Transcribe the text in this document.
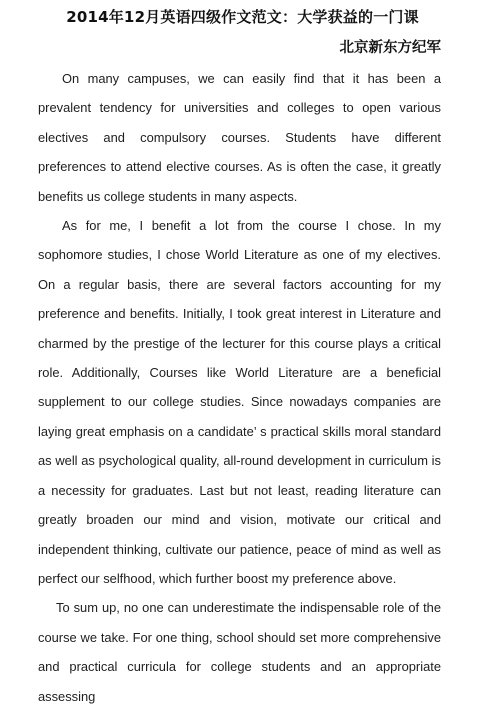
2014年12月英语四级作文范文：大学获益的一门课
北京新东方纪军

On many campuses, we can easily find that it has been a prevalent tendency for universities and colleges to open various electives and compulsory courses. Students have different preferences to attend elective courses. As is often the case, it greatly benefits us college students in many aspects.

As for me, I benefit a lot from the course I chose. In my sophomore studies, I chose World Literature as one of my electives. On a regular basis, there are several factors accounting for my preference and benefits. Initially, I took great interest in Literature and charmed by the prestige of the lecturer for this course plays a critical role. Additionally, Courses like World Literature are a beneficial supplement to our college studies. Since nowadays companies are laying great emphasis on a candidate’ s practical skills moral standard as well as psychological quality, all-round development in curriculum is a necessity for graduates. Last but not least, reading literature can greatly broaden our mind and vision, motivate our critical and independent thinking, cultivate our patience, peace of mind as well as perfect our selfhood, which further boost my preference above.

To sum up, no one can underestimate the indispensable role of the course we take. For one thing, school should set more comprehensive and practical curricula for college students and an appropriate assessing
